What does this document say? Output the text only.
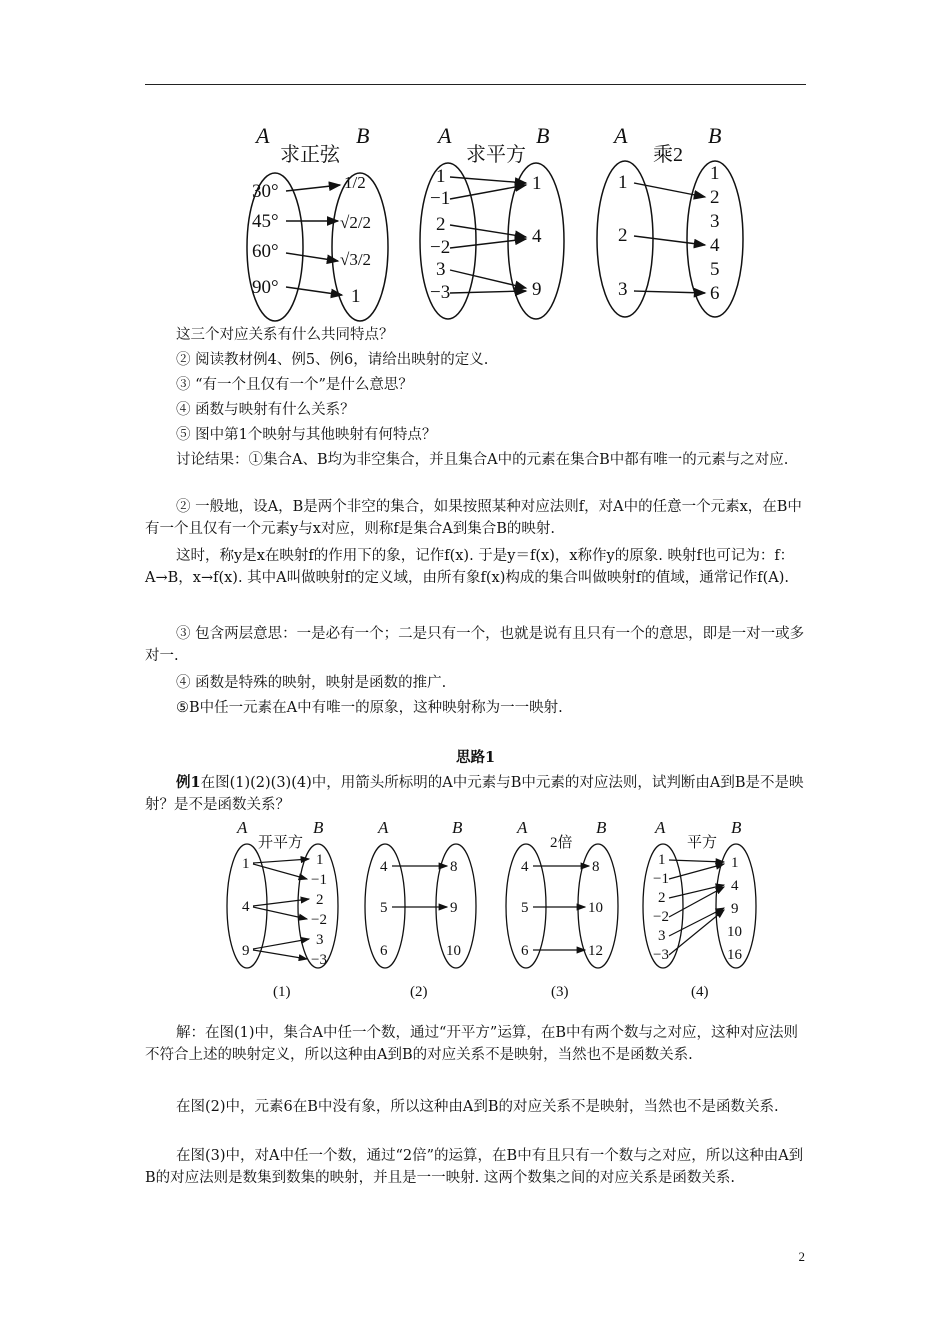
A	B
求正弦
30°
45°
60°
90°
1/2
√2/2
√3/2
1
A	B
求平方
1
−1
2
−2
3
−3
1
4
9
A	B
乘2
1
2
3
1
2
3
4
5
6

这三个对应关系有什么共同特点？

② 阅读教材例4、例5、例6，请给出映射的定义.

③ “有一个且仅有一个”是什么意思？

④ 函数与映射有什么关系？

⑤ 图中第1个映射与其他映射有何特点？

讨论结果：①集合A、B均为非空集合，并且集合A中的元素在集合B中都有唯一的元素与之对应.

② 一般地，设A，B是两个非空的集合，如果按照某种对应法则f，对A中的任意一个元素x，在B中有一个且仅有一个元素y与x对应，则称f是集合A到集合B的映射.

这时，称y是x在映射f的作用下的象，记作f(x). 于是y＝f(x)，x称作y的原象. 映射f也可记为：f：A→B，x→f(x). 其中A叫做映射f的定义域，由所有象f(x)构成的集合叫做映射f的值域，通常记作f(A).

③ 包含两层意思：一是必有一个；二是只有一个，也就是说有且只有一个的意思，即是一对一或多对一.

④ 函数是特殊的映射，映射是函数的推广.

⑤B中任一元素在A中有唯一的原象，这种映射称为一一映射.

思路1

例1在图(1)(2)(3)(4)中，用箭头所标明的A中元素与B中元素的对应法则，试判断由A到B是不是映射？是不是函数关系？

A	B
开平方
1
4
9
1
−1
2
−2
3
−3
(1)
A	B
4
5
6
8
9
10
(2)
A	B
2倍
4
5
6
8
10
12
(3)
A	B
平方
1
−1
2
−2
3
−3
1
4
9
10
16
(4)

解：在图(1)中，集合A中任一个数，通过“开平方”运算，在B中有两个数与之对应，这种对应法则不符合上述的映射定义，所以这种由A到B的对应关系不是映射，当然也不是函数关系.

在图(2)中，元素6在B中没有象，所以这种由A到B的对应关系不是映射，当然也不是函数关系.

在图(3)中，对A中任一个数，通过“2倍”的运算，在B中有且只有一个数与之对应，所以这种由A到B的对应法则是数集到数集的映射，并且是一一映射. 这两个数集之间的对应关系是函数关系.

2
